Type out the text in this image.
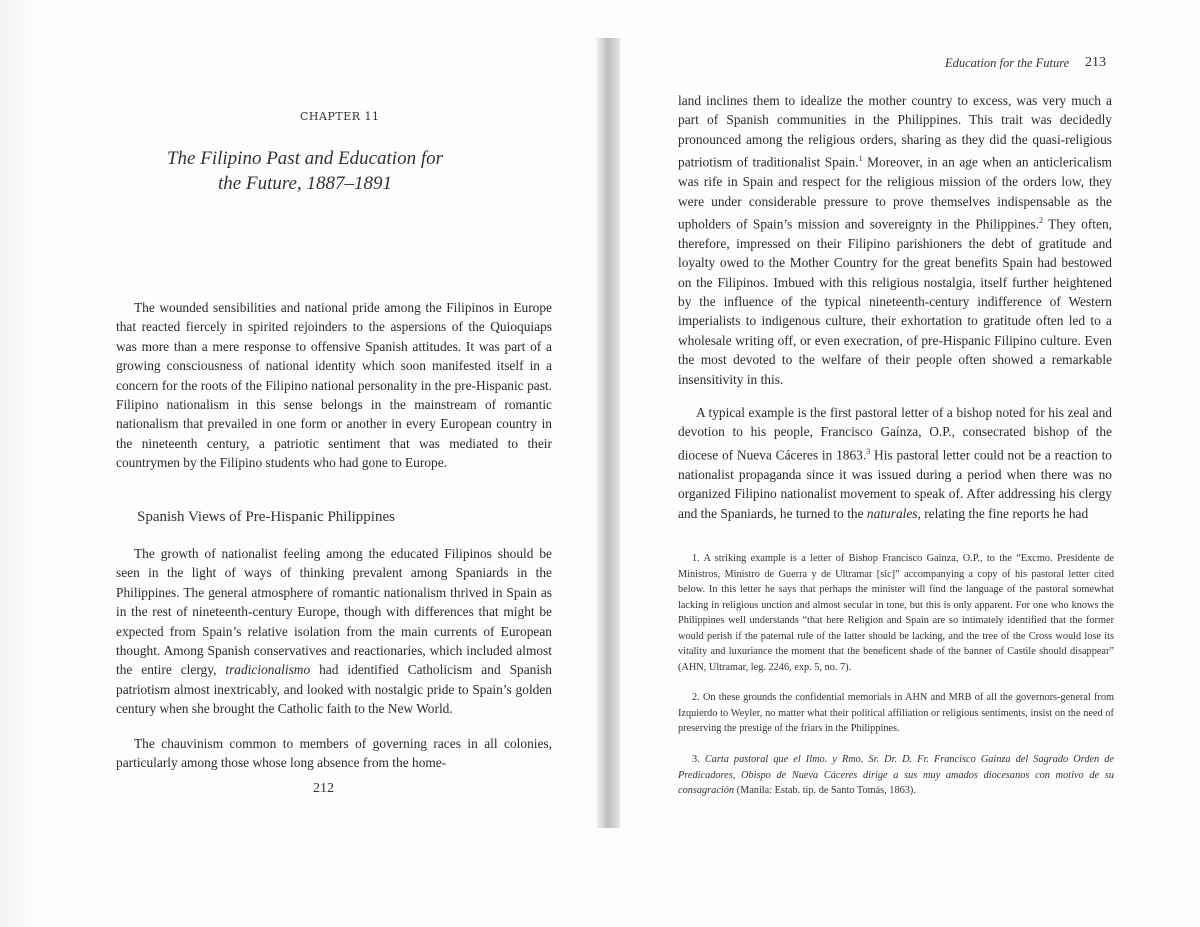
CHAPTER 11
The Filipino Past and Education for
the Future, 1887–1891

The wounded sensibilities and national pride among the Filipinos in Europe that reacted fiercely in spirited rejoinders to the aspersions of the Quioquiaps was more than a mere response to offensive Spanish attitudes. It was part of a growing consciousness of national identity which soon manifested itself in a concern for the roots of the Filipino national personality in the pre-Hispanic past. Filipino nationalism in this sense belongs in the mainstream of romantic nationalism that prevailed in one form or another in every European country in the nineteenth century, a patriotic sentiment that was mediated to their countrymen by the Filipino students who had gone to Europe.

Spanish Views of Pre-Hispanic Philippines

The growth of nationalist feeling among the educated Filipinos should be seen in the light of ways of thinking prevalent among Spaniards in the Philippines. The general atmosphere of romantic nationalism thrived in Spain as in the rest of nineteenth-century Europe, though with differences that might be expected from Spain’s relative isolation from the main currents of European thought. Among Spanish conservatives and reactionaries, which included almost the entire clergy, tradicionalismo had identified Catholicism and Spanish patriotism almost inextricably, and looked with nostalgic pride to Spain’s golden century when she brought the Catholic faith to the New World.

The chauvinism common to members of governing races in all colonies, particularly among those whose long absence from the home-

212
Education for the Future 213

land inclines them to idealize the mother country to excess, was very much a part of Spanish communities in the Philippines. This trait was decidedly pronounced among the religious orders, sharing as they did the quasi-religious patriotism of traditionalist Spain.$^1$ Moreover, in an age when an anticlericalism was rife in Spain and respect for the religious mission of the orders low, they were under considerable pressure to prove themselves indispensable as the upholders of Spain’s mission and sovereignty in the Philippines.$^2$ They often, therefore, impressed on their Filipino parishioners the debt of gratitude and loyalty owed to the Mother Country for the great benefits Spain had bestowed on the Filipinos. Imbued with this religious nostalgia, itself further heightened by the influence of the typical nineteenth-century indifference of Western imperialists to indigenous culture, their exhortation to gratitude often led to a wholesale writing off, or even execration, of pre-Hispanic Filipino culture. Even the most devoted to the welfare of their people often showed a remarkable insensitivity in this.

A typical example is the first pastoral letter of a bishop noted for his zeal and devotion to his people, Francisco Gaínza, O.P., consecrated bishop of the diocese of Nueva Cáceres in 1863.$^3$ His pastoral letter could not be a reaction to nationalist propaganda since it was issued during a period when there was no organized Filipino nationalist movement to speak of. After addressing his clergy and the Spaniards, he turned to the naturales, relating the fine reports he had

1. A striking example is a letter of Bishop Francisco Gainza, O.P., to the “Excmo. Presidente de Ministros, Ministro de Guerra y de Ultramar [sic]” accompanying a copy of his pastoral letter cited below. In this letter he says that perhaps the minister will find the language of the pastoral somewhat lacking in religious unction and almost secular in tone, but this is only apparent. For one who knows the Philippines well understands “that here Religion and Spain are so intimately identified that the former would perish if the paternal rule of the latter should be lacking, and the tree of the Cross would lose its vitality and luxuriance the moment that the beneficent shade of the banner of Castile should disappear” (AHN, Ultramar, leg. 2246, exp. 5, no. 7).

2. On these grounds the confidential memorials in AHN and MRB of all the governors-general from Izquierdo to Weyler, no matter what their political affiliation or religious sentiments, insist on the need of preserving the prestige of the friars in the Philippines.

3. Carta pastoral que el Ilmo. y Rmo. Sr. Dr. D. Fr. Francisco Gainza del Sagrado Orden de Predicadores, Obispo de Nueva Cáceres dirige a sus muy amados diocesanos con motivo de su consagración (Manila: Estab. tip. de Santo Tomás, 1863).
